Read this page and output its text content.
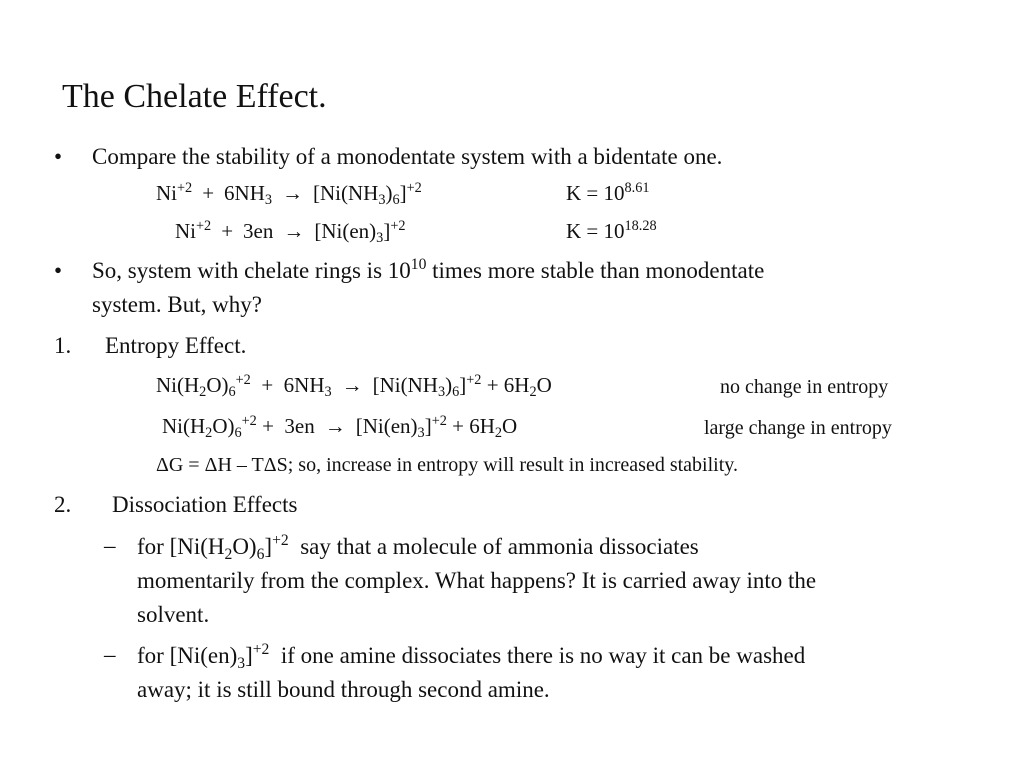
The Chelate Effect.
• Compare the stability of a monodentate system with a bidentate one.
$Ni^{+2} + 6NH_3 \to [Ni(NH_3)_6]^{+2}$	$K = 10^{8.61}$
$Ni^{+2} + 3en \to [Ni(en)_3]^{+2}$	$K = 10^{18.28}$
• So, system with chelate rings is $10^{10}$ times more stable than monodentate
system. But, why?
1. Entropy Effect.
$Ni(H_2O)_6^{+2} + 6NH_3 \to [Ni(NH_3)_6]^{+2} + 6H_2O$	no change in entropy
$Ni(H_2O)_6^{+2} + 3en \to [Ni(en)_3]^{+2} + 6H_2O$	large change in entropy
ΔG = ΔH – TΔS; so, increase in entropy will result in increased stability.
2. Dissociation Effects
– for $[Ni(H_2O)_6]^{+2}$  say that a molecule of ammonia dissociates
momentarily from the complex. What happens? It is carried away into the
solvent.
– for $[Ni(en)_3]^{+2}$  if one amine dissociates there is no way it can be washed
away; it is still bound through second amine.
